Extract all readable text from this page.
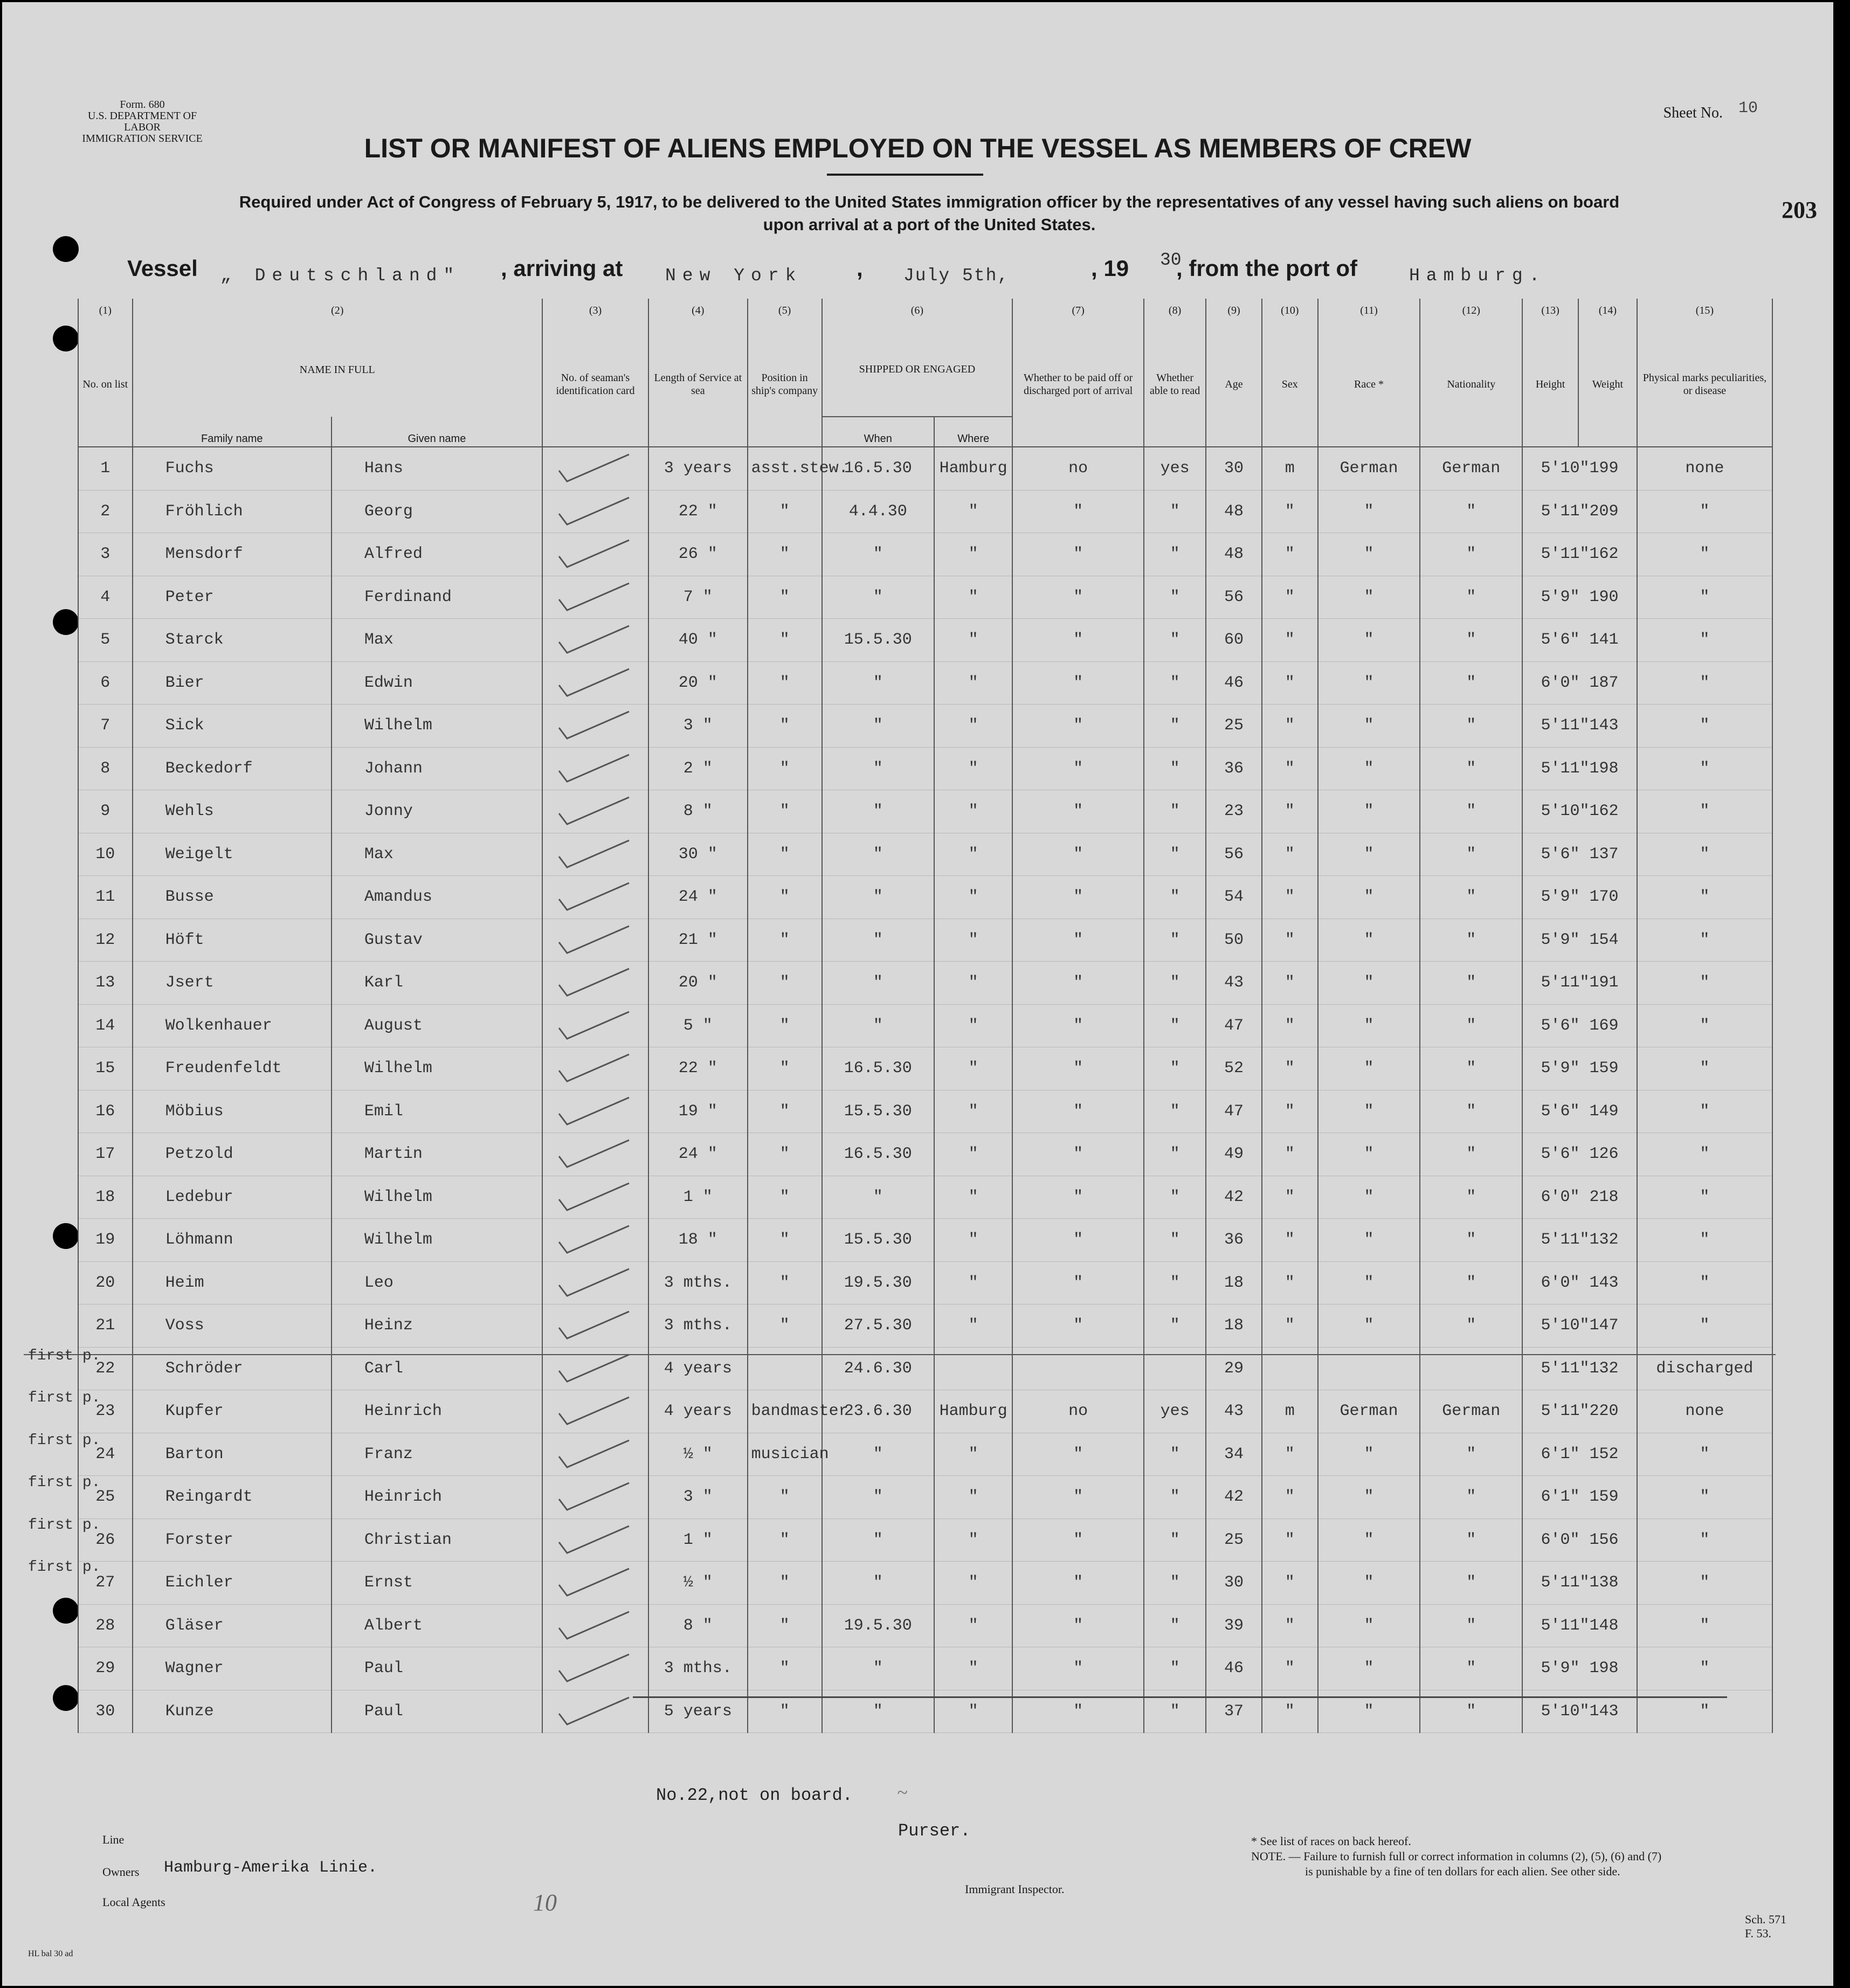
Form. 680
U.S. DEPARTMENT OF LABOR
IMMIGRATION SERVICE
Sheet No. 10
203
LIST OR MANIFEST OF ALIENS EMPLOYED ON THE VESSEL AS MEMBERS OF CREW
Required under Act of Congress of February 5, 1917, to be delivered to the United States immigration officer by the representatives of any vessel having such aliens on board
upon arrival at a port of the United States.
Vessel „ Deutschland" , arriving at New York , July 5th,	, 19 30
, from the port of	Hamburg.
(1)	(2)		(3)	(4)	(5)	(6)		(7)	(8)	(9)	(10)	(11)	(12)	(13)	(14)	(15)
No. on list	NAME IN FULL		No. of seaman's identification card	Length of Service at sea	Position in ship's company	SHIPPED OR ENGAGED		Whether to be paid off or discharged port of arrival	Whether able to read	Age	Sex	Race *	Nationality	Height	Weight	Physical marks peculiarities, or disease
	Family name	Given name				When	Where									
1	Fuchs	Hans		3 years	asst.stew.	16.5.30	Hamburg	no	yes	30	m	German	German	5'10"199		none
2	Fröhlich	Georg		22 "	"	4.4.30	"	"	"	48	"	"	"	5'11"209		"
3	Mensdorf	Alfred		26 "	"	"	"	"	"	48	"	"	"	5'11"162		"
4	Peter	Ferdinand		7 "	"	"	"	"	"	56	"	"	"	5'9" 190		"
5	Starck	Max		40 "	"	15.5.30	"	"	"	60	"	"	"	5'6" 141		"
6	Bier	Edwin		20 "	"	"	"	"	"	46	"	"	"	6'0" 187		"
7	Sick	Wilhelm		3 "	"	"	"	"	"	25	"	"	"	5'11"143		"
8	Beckedorf	Johann		2 "	"	"	"	"	"	36	"	"	"	5'11"198		"
9	Wehls	Jonny		8 "	"	"	"	"	"	23	"	"	"	5'10"162		"
10	Weigelt	Max		30 "	"	"	"	"	"	56	"	"	"	5'6" 137		"
11	Busse	Amandus		24 "	"	"	"	"	"	54	"	"	"	5'9" 170		"
12	Höft	Gustav		21 "	"	"	"	"	"	50	"	"	"	5'9" 154		"
13	Jsert	Karl		20 "	"	"	"	"	"	43	"	"	"	5'11"191		"
14	Wolkenhauer	August		5 "	"	"	"	"	"	47	"	"	"	5'6" 169		"
15	Freudenfeldt	Wilhelm		22 "	"	16.5.30	"	"	"	52	"	"	"	5'9" 159		"
16	Möbius	Emil		19 "	"	15.5.30	"	"	"	47	"	"	"	5'6" 149		"
17	Petzold	Martin		24 "	"	16.5.30	"	"	"	49	"	"	"	5'6" 126		"
18	Ledebur	Wilhelm		1 "	"	"	"	"	"	42	"	"	"	6'0" 218		"
19	Löhmann	Wilhelm		18 "	"	15.5.30	"	"	"	36	"	"	"	5'11"132		"
20	Heim	Leo		3 mths.	"	19.5.30	"	"	"	18	"	"	"	6'0" 143		"
21	Voss	Heinz		3 mths.	"	27.5.30	"	"	"	18	"	"	"	5'10"147		"
22	Schröder	Carl		4 years		24.6.30				29				5'11"132		discharged
23	Kupfer	Heinrich		4 years	bandmaster	23.6.30	Hamburg	no	yes	43	m	German	German	5'11"220		none
24	Barton	Franz		½ "	musician	"	"	"	"	34	"	"	"	6'1" 152		"
25	Reingardt	Heinrich		3 "	"	"	"	"	"	42	"	"	"	6'1" 159		"
26	Forster	Christian		1 "	"	"	"	"	"	25	"	"	"	6'0" 156		"
27	Eichler	Ernst		½ "	"	"	"	"	"	30	"	"	"	5'11"138		"
28	Gläser	Albert		8 "	"	19.5.30	"	"	"	39	"	"	"	5'11"148		"
29	Wagner	Paul		3 mths.	"	"	"	"	"	46	"	"	"	5'9" 198		"
30	Kunze	Paul		5 years	"	"	"	"	"	37	"	"	"	5'10"143		"
first p.
first p.
first p.
first p.
first p.
first p.
No.22,not on board. ~
Purser.
Line
Owners Hamburg-Amerika Linie.
Local Agents	10
Immigrant Inspector.
* See list of races on back hereof.
NOTE. — Failure to furnish full or correct information in columns (2), (5), (6) and (7)
is punishable by a fine of ten dollars for each alien. See other side.
Sch. 571
F. 53.
HL bal 30 ad
